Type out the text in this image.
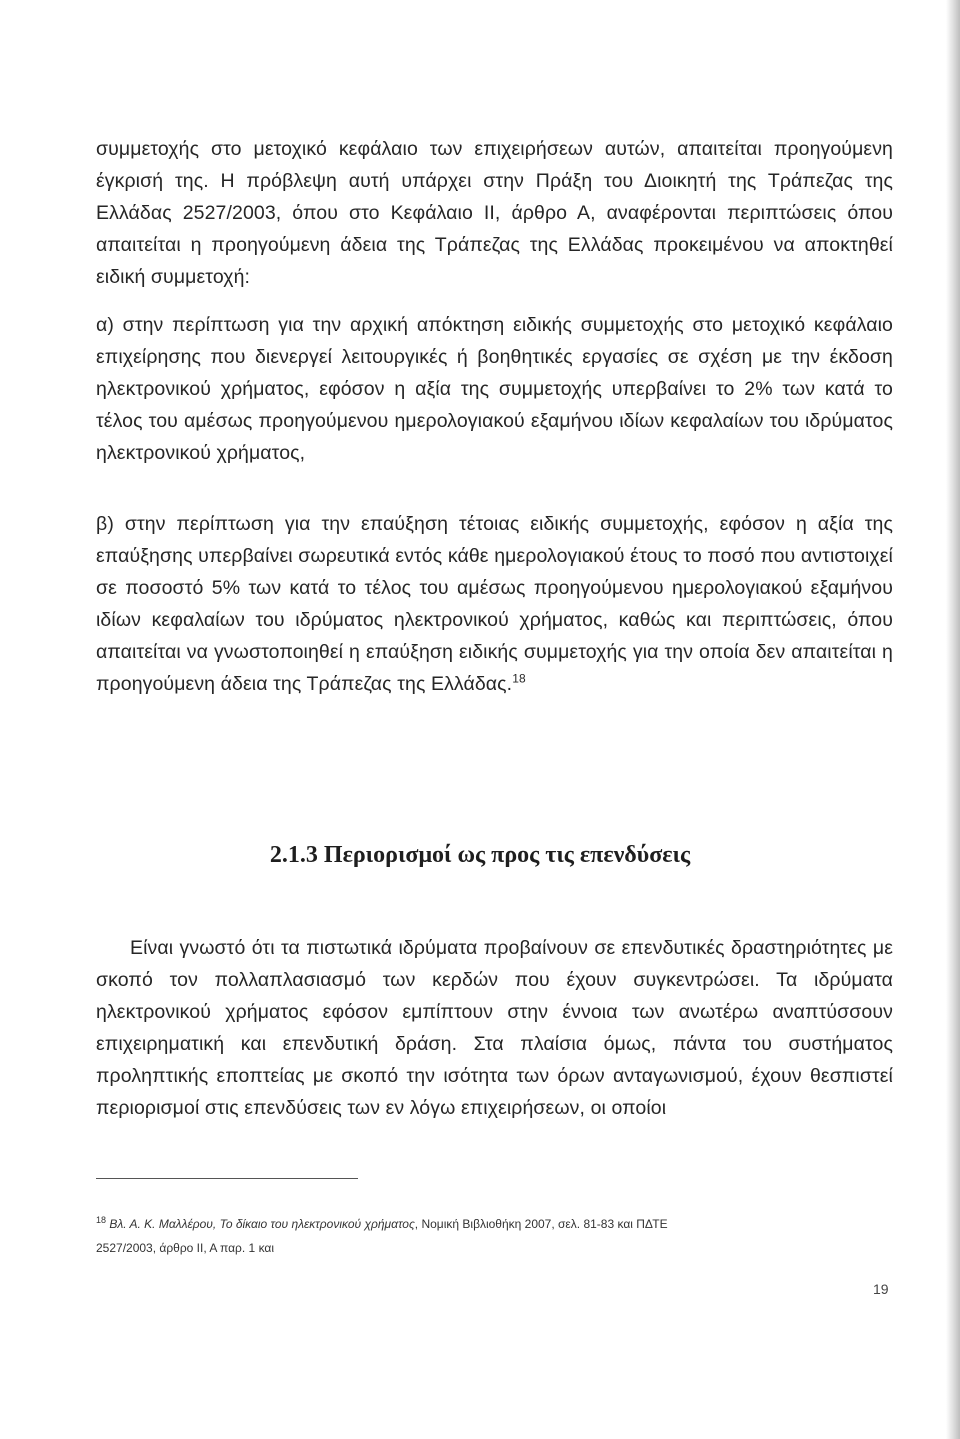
συμμετοχής στο μετοχικό κεφάλαιο των επιχειρήσεων αυτών, απαιτείται προηγούμενη έγκρισή της. Η πρόβλεψη αυτή υπάρχει στην Πράξη του Διοικητή της Τράπεζας της Ελλάδας 2527/2003, όπου στο Κεφάλαιο II, άρθρο Α, αναφέρονται περιπτώσεις όπου απαιτείται η προηγούμενη άδεια της Τράπεζας της Ελλάδας προκειμένου να αποκτηθεί ειδική συμμετοχή:

α) στην περίπτωση για την αρχική απόκτηση ειδικής συμμετοχής στο μετοχικό κεφάλαιο επιχείρησης που διενεργεί λειτουργικές ή βοηθητικές εργασίες σε σχέση με την έκδοση ηλεκτρονικού χρήματος, εφόσον η αξία της συμμετοχής υπερβαίνει το 2% των κατά το τέλος του αμέσως προηγούμενου ημερολογιακού εξαμήνου ιδίων κεφαλαίων του ιδρύματος ηλεκτρονικού χρήματος,

β) στην περίπτωση για την επαύξηση τέτοιας ειδικής συμμετοχής, εφόσον η αξία της επαύξησης υπερβαίνει σωρευτικά εντός κάθε ημερολογιακού έτους το ποσό που αντιστοιχεί σε ποσοστό 5% των κατά το τέλος του αμέσως προηγούμενου ημερολογιακού εξαμήνου ιδίων κεφαλαίων του ιδρύματος ηλεκτρονικού χρήματος, καθώς και περιπτώσεις, όπου απαιτείται να γνωστοποιηθεί η επαύξηση ειδικής συμμετοχής για την οποία δεν απαιτείται η προηγούμενη άδεια της Τράπεζας της Ελλάδας.$^{18}$

2.1.3 Περιορισμοί ως προς τις επενδύσεις

Είναι γνωστό ότι τα πιστωτικά ιδρύματα προβαίνουν σε επενδυτικές δραστηριότητες με σκοπό τον πολλαπλασιασμό των κερδών που έχουν συγκεντρώσει. Τα ιδρύματα ηλεκτρονικού χρήματος εφόσον εμπίπτουν στην έννοια των ανωτέρω αναπτύσσουν επιχειρηματική και επενδυτική δράση. Στα πλαίσια όμως, πάντα του συστήματος προληπτικής εποπτείας με σκοπό την ισότητα των όρων ανταγωνισμού, έχουν θεσπιστεί περιορισμοί στις επενδύσεις των εν λόγω επιχειρήσεων, οι οποίοι

$^{18}$ Βλ. Α. Κ. Μαλλέρου, Το δίκαιο του ηλεκτρονικού χρήματος, Νομική Βιβλιοθήκη 2007, σελ. 81-83 και ΠΔΤΕ
2527/2003, άρθρο ΙΙ, Α παρ. 1 και
19
